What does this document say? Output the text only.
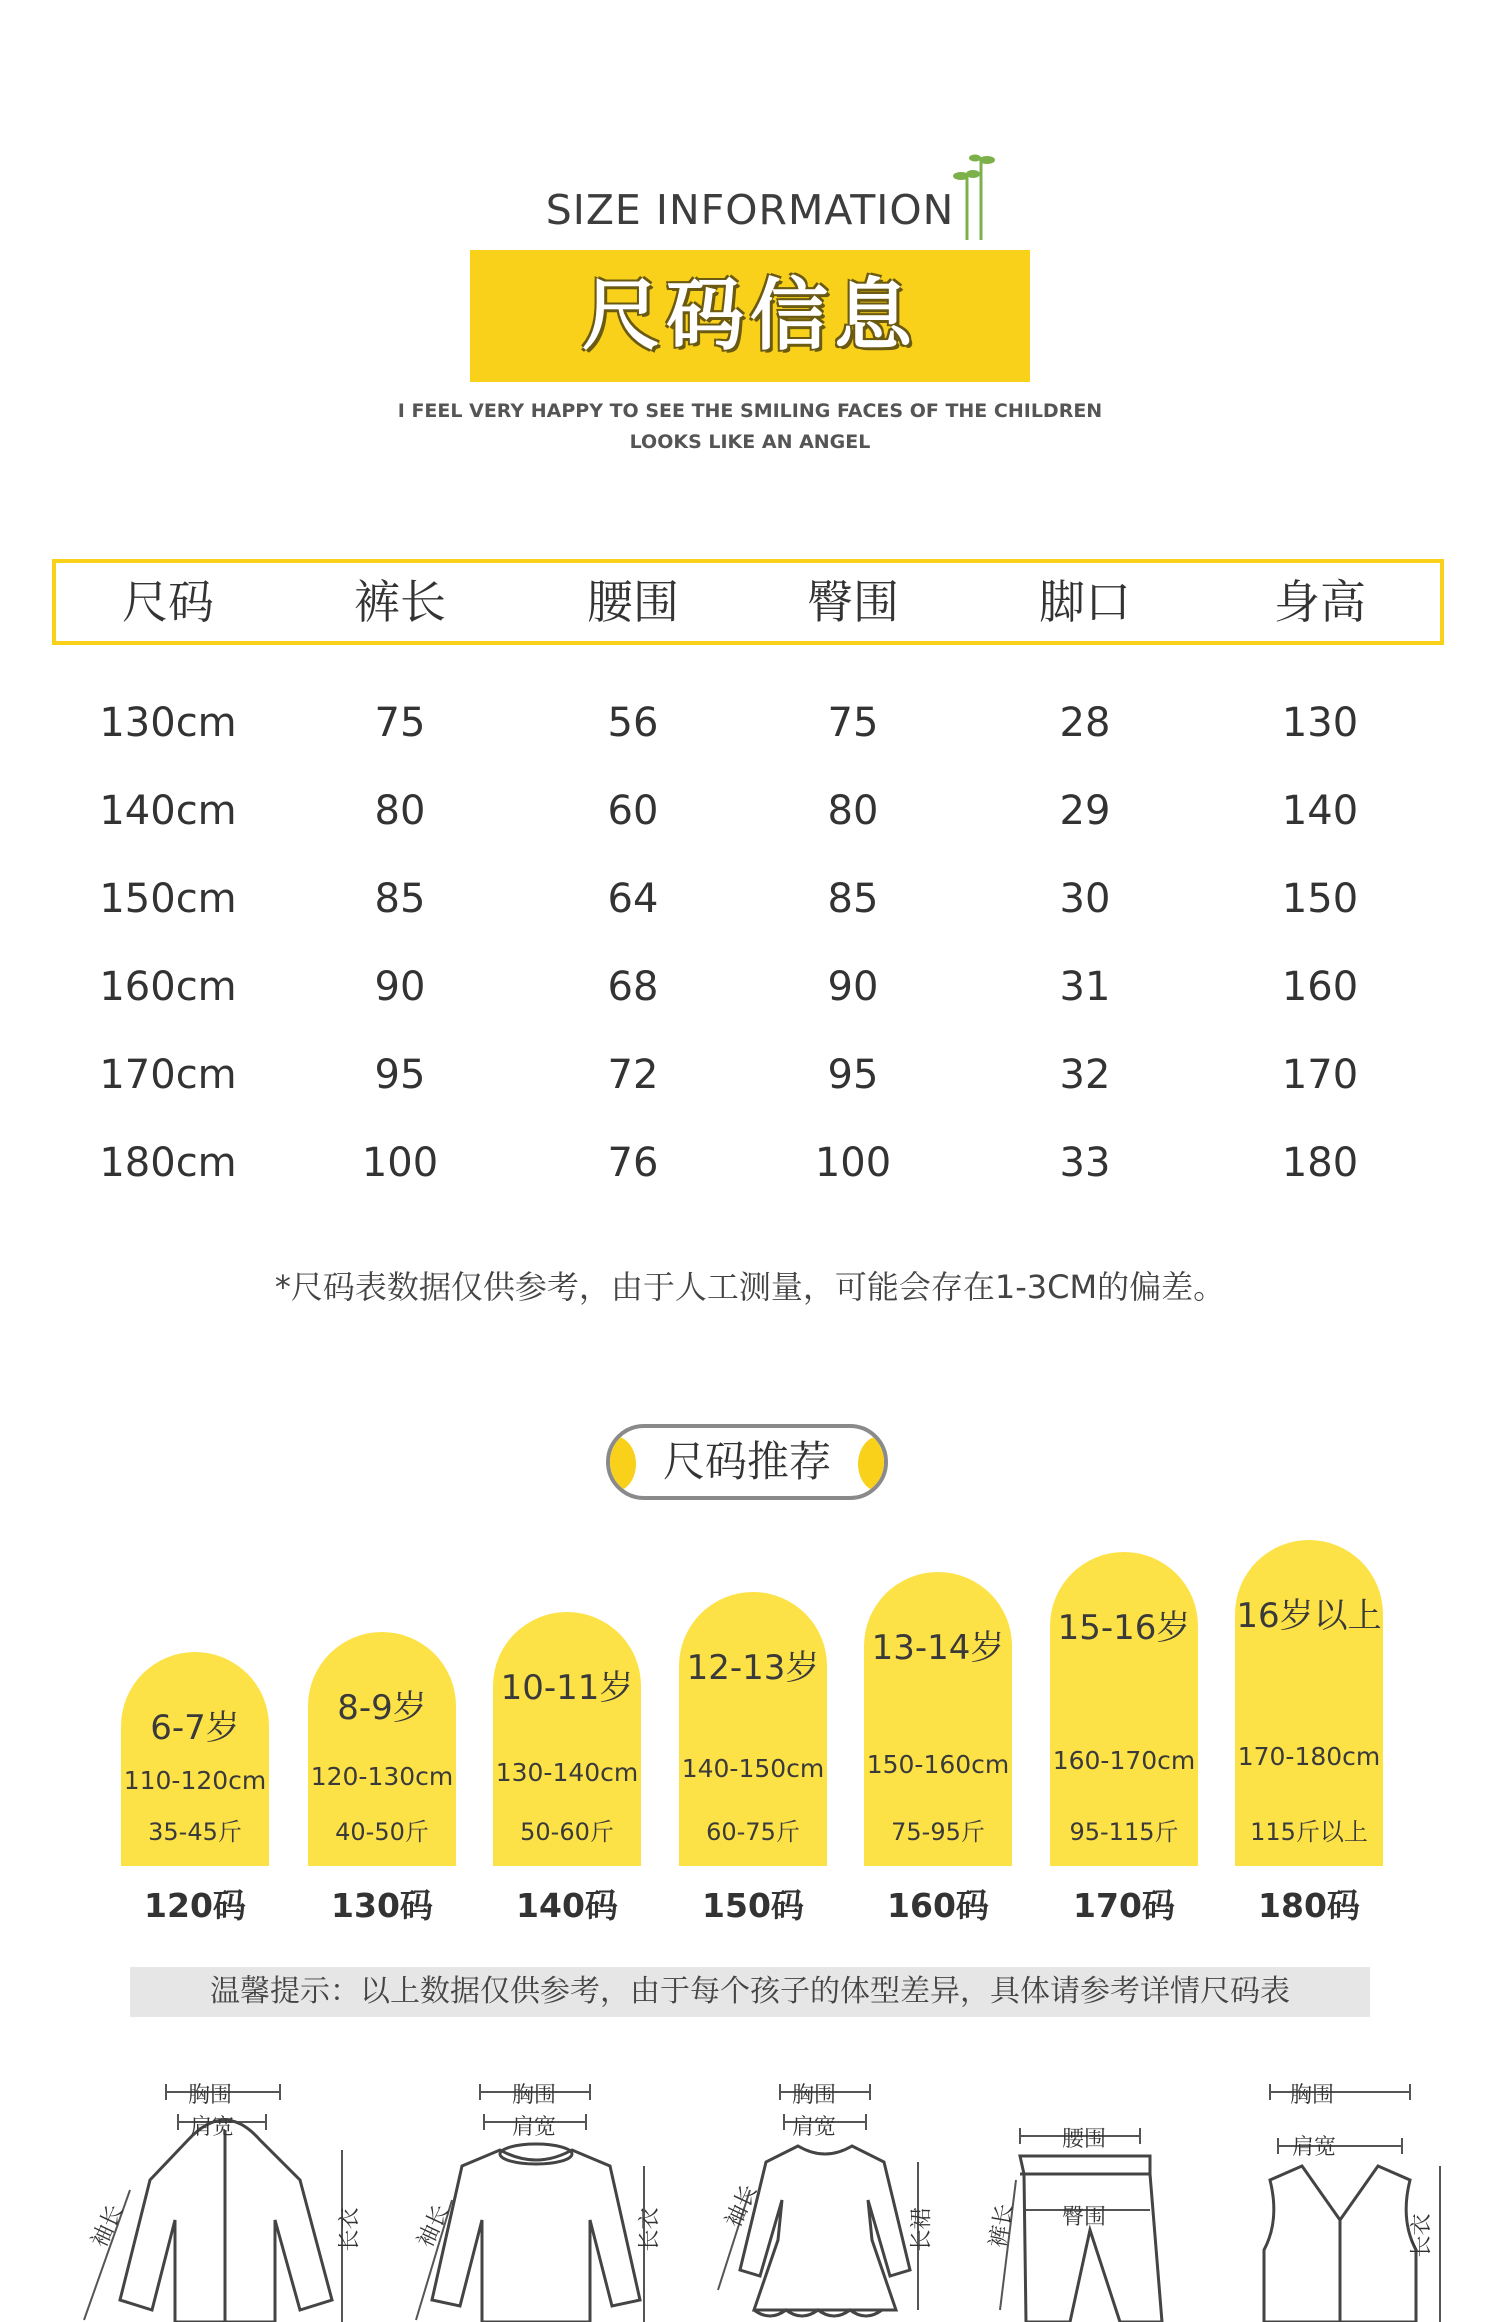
SIZE INFORMATION
尺码信息
I FEEL VERY HAPPY TO SEE THE SMILING FACES OF THE CHILDREN
LOOKS LIKE AN ANGEL
尺码	裤长	腰围	臀围	脚口	身高
130cm	75	56	75	28	130
140cm	80	60	80	29	140
150cm	85	64	85	30	150
160cm	90	68	90	31	160
170cm	95	72	95	32	170
180cm	100	76	100	33	180
*尺码表数据仅供参考，由于人工测量，可能会存在1-3CM的偏差。
尺码推荐
6-7岁
110-120cm
35-45斤
120码
8-9岁
120-130cm
40-50斤
130码
10-11岁
130-140cm
50-60斤
140码
12-13岁
140-150cm
60-75斤
150码
13-14岁
150-160cm
75-95斤
160码
15-16岁
160-170cm
95-115斤
170码
16岁以上
170-180cm
115斤以上
180码
温馨提示：以上数据仅供参考，由于每个孩子的体型差异，具体请参考详情尺码表
胸围
肩宽
袖长	长衣
胸围
肩宽
袖长	长衣
胸围
肩宽
袖长	长裙
腰围
臀围
裤长
胸围
肩宽
长衣
